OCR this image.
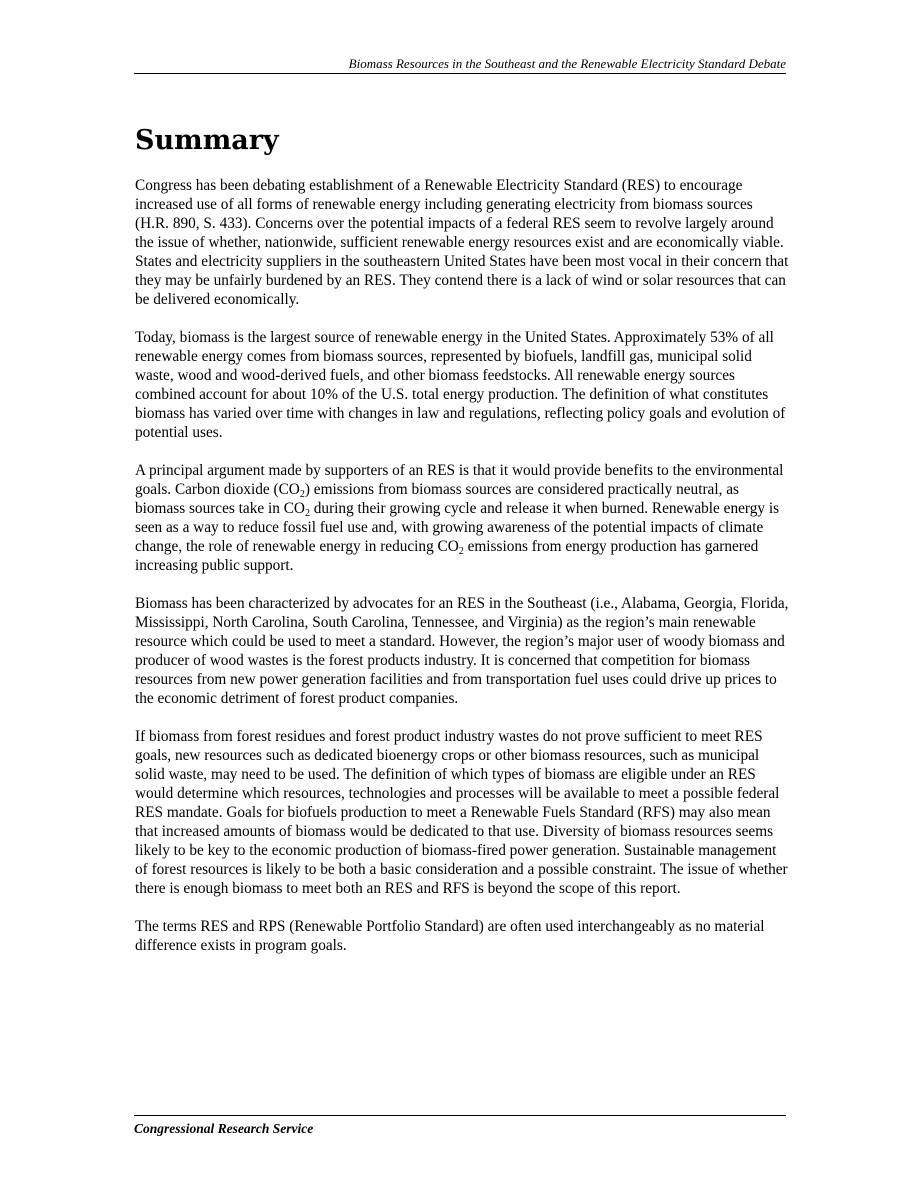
Biomass Resources in the Southeast and the Renewable Electricity Standard Debate
Summary

Congress has been debating establishment of a Renewable Electricity Standard (RES) to encourage increased use of all forms of renewable energy including generating electricity from biomass sources (H.R. 890, S. 433). Concerns over the potential impacts of a federal RES seem to revolve largely around the issue of whether, nationwide, sufficient renewable energy resources exist and are economically viable. States and electricity suppliers in the southeastern United States have been most vocal in their concern that they may be unfairly burdened by an RES. They contend there is a lack of wind or solar resources that can be delivered economically.

Today, biomass is the largest source of renewable energy in the United States. Approximately 53% of all renewable energy comes from biomass sources, represented by biofuels, landfill gas, municipal solid waste, wood and wood-derived fuels, and other biomass feedstocks. All renewable energy sources combined account for about 10% of the U.S. total energy production. The definition of what constitutes biomass has varied over time with changes in law and regulations, reflecting policy goals and evolution of potential uses.

A principal argument made by supporters of an RES is that it would provide benefits to the environmental goals. Carbon dioxide $(CO_2)$ emissions from biomass sources are considered practically neutral, as biomass sources take in $CO_2$ during their growing cycle and release it when burned. Renewable energy is seen as a way to reduce fossil fuel use and, with growing awareness of the potential impacts of climate change, the role of renewable energy in reducing $CO_2$ emissions from energy production has garnered increasing public support.

Biomass has been characterized by advocates for an RES in the Southeast (i.e., Alabama, Georgia, Florida, Mississippi, North Carolina, South Carolina, Tennessee, and Virginia) as the region’s main renewable resource which could be used to meet a standard. However, the region’s major user of woody biomass and producer of wood wastes is the forest products industry. It is concerned that competition for biomass resources from new power generation facilities and from transportation fuel uses could drive up prices to the economic detriment of forest product companies.

If biomass from forest residues and forest product industry wastes do not prove sufficient to meet RES goals, new resources such as dedicated bioenergy crops or other biomass resources, such as municipal solid waste, may need to be used. The definition of which types of biomass are eligible under an RES would determine which resources, technologies and processes will be available to meet a possible federal RES mandate. Goals for biofuels production to meet a Renewable Fuels Standard (RFS) may also mean that increased amounts of biomass would be dedicated to that use. Diversity of biomass resources seems likely to be key to the economic production of biomass-fired power generation. Sustainable management of forest resources is likely to be both a basic consideration and a possible constraint. The issue of whether there is enough biomass to meet both an RES and RFS is beyond the scope of this report.

The terms RES and RPS (Renewable Portfolio Standard) are often used interchangeably as no material difference exists in program goals.

Congressional Research Service
